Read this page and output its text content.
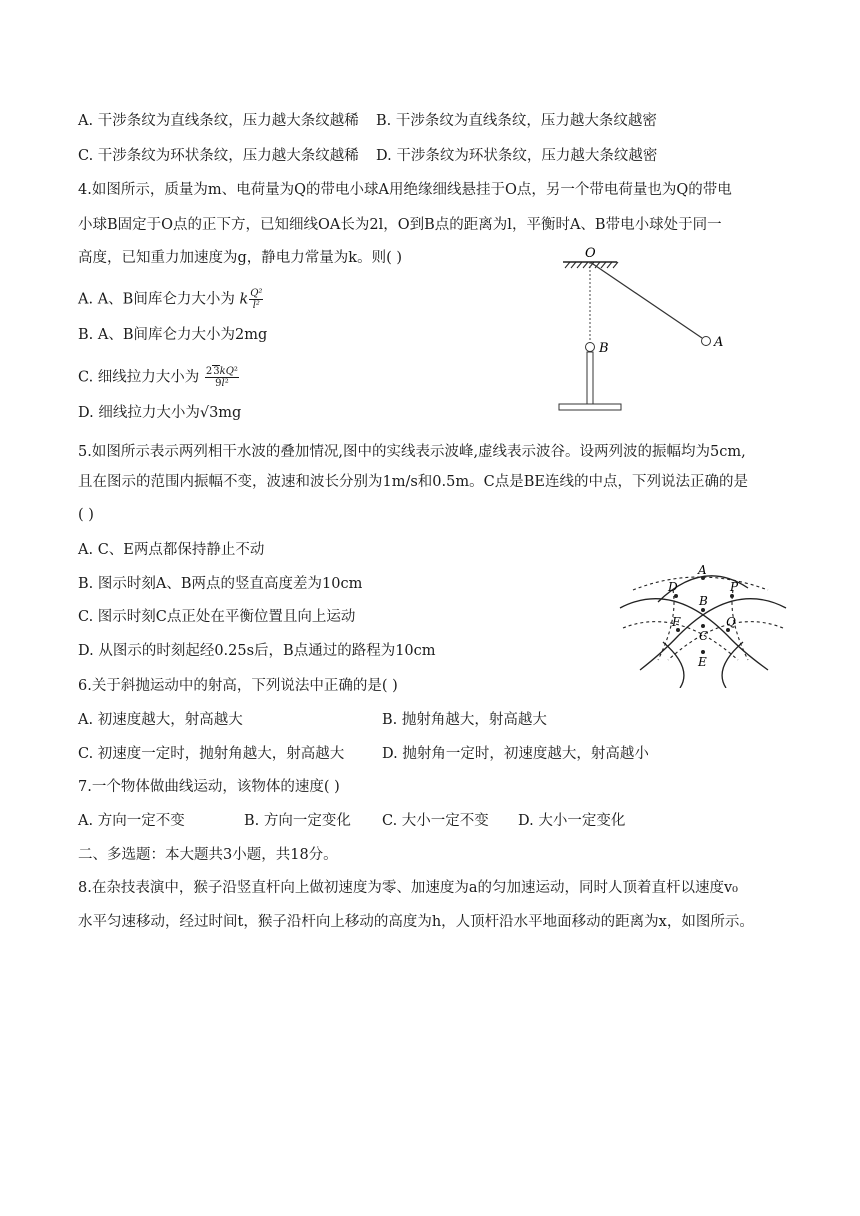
A. 干涉条纹为直线条纹，压力越大条纹越稀 B. 干涉条纹为直线条纹，压力越大条纹越密
C. 干涉条纹为环状条纹，压力越大条纹越稀 D. 干涉条纹为环状条纹，压力越大条纹越密
4.如图所示，质量为m、电荷量为Q的带电小球A用绝缘细线悬挂于O点，另一个带电荷量也为Q的带电
小球B固定于O点的正下方，已知细线OA长为2l，O到B点的距离为l，平衡时A、B带电小球处于同一
高度，已知重力加速度为g，静电力常量为k。则( )
A. A、B间库仑力大小为 k $\frac{\text{Q²}}{\text{l²}}$
B. A、B间库仑力大小为2mg
C. 细线拉力大小为 $\frac{\text{23kQ²}}{\text{9l²}}$
D. 细线拉力大小为√3mg
O
A
B
5.如图所示表示两列相干水波的叠加情况,图中的实线表示波峰,虚线表示波谷。设两列波的振幅均为5cm,
且在图示的范围内振幅不变，波速和波长分别为1m/s和0.5m。C点是BE连线的中点，下列说法正确的是
( )
A. C、E两点都保持静止不动
B. 图示时刻A、B两点的竖直高度差为10cm
C. 图示时刻C点正处在平衡位置且向上运动
D. 从图示的时刻起经0.25s后，B点通过的路程为10cm
A
D	P
B
F
C
Q
E
6.关于斜抛运动中的射高，下列说法中正确的是( )
A. 初速度越大，射高越大	B. 抛射角越大，射高越大
C. 初速度一定时，抛射角越大，射高越大	D. 抛射角一定时，初速度越大，射高越小
7.一个物体做曲线运动，该物体的速度( )
A. 方向一定不变	B. 方向一定变化 C. 大小一定不变 D. 大小一定变化
二、多选题：本大题共3小题，共18分。
8.在杂技表演中，猴子沿竖直杆向上做初速度为零、加速度为a的匀加速运动，同时人顶着直杆以速度v₀
水平匀速移动，经过时间t，猴子沿杆向上移动的高度为h，人顶杆沿水平地面移动的距离为x，如图所示。
